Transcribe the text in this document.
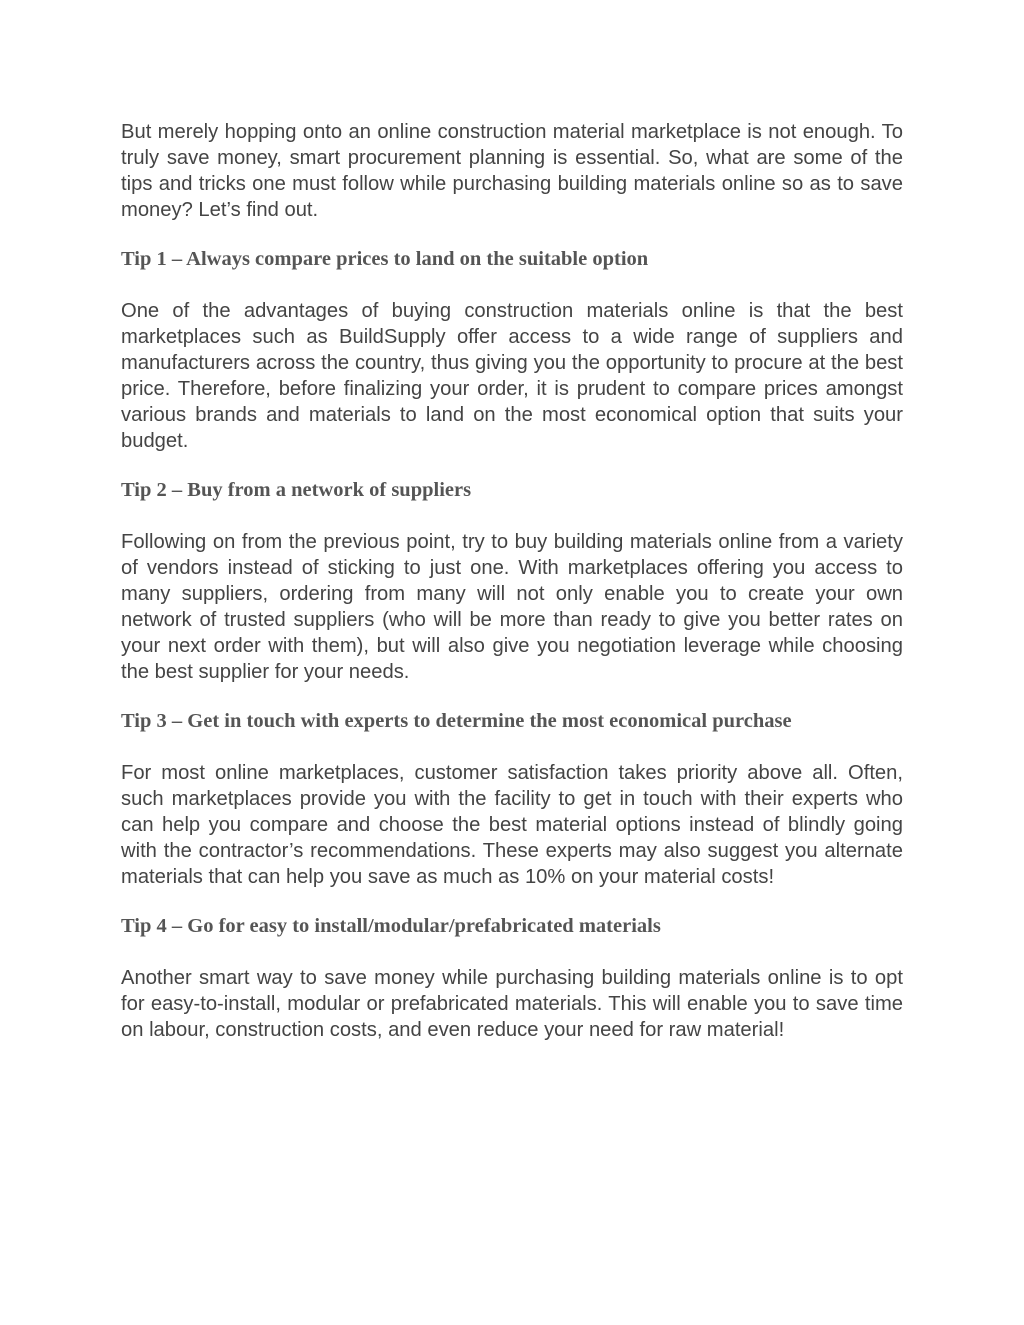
But merely hopping onto an online construction material marketplace is not enough. To truly save money, smart procurement planning is essential. So, what are some of the tips and tricks one must follow while purchasing building materials online so as to save money? Let’s find out.

Tip 1 – Always compare prices to land on the suitable option

One of the advantages of buying construction materials online is that the best marketplaces such as BuildSupply offer access to a wide range of suppliers and manufacturers across the country, thus giving you the opportunity to procure at the best price. Therefore, before finalizing your order, it is prudent to compare prices amongst various brands and materials to land on the most economical option that suits your budget.

Tip 2 – Buy from a network of suppliers

Following on from the previous point, try to buy building materials online from a variety of vendors instead of sticking to just one. With marketplaces offering you access to many suppliers, ordering from many will not only enable you to create your own network of trusted suppliers (who will be more than ready to give you better rates on your next order with them), but will also give you negotiation leverage while choosing the best supplier for your needs.

Tip 3 – Get in touch with experts to determine the most economical purchase

For most online marketplaces, customer satisfaction takes priority above all. Often, such marketplaces provide you with the facility to get in touch with their experts who can help you compare and choose the best material options instead of blindly going with the contractor’s recommendations. These experts may also suggest you alternate materials that can help you save as much as 10% on your material costs!

Tip 4 – Go for easy to install/modular/prefabricated materials

Another smart way to save money while purchasing building materials online is to opt for easy-to-install, modular or prefabricated materials. This will enable you to save time on labour, construction costs, and even reduce your need for raw material!
